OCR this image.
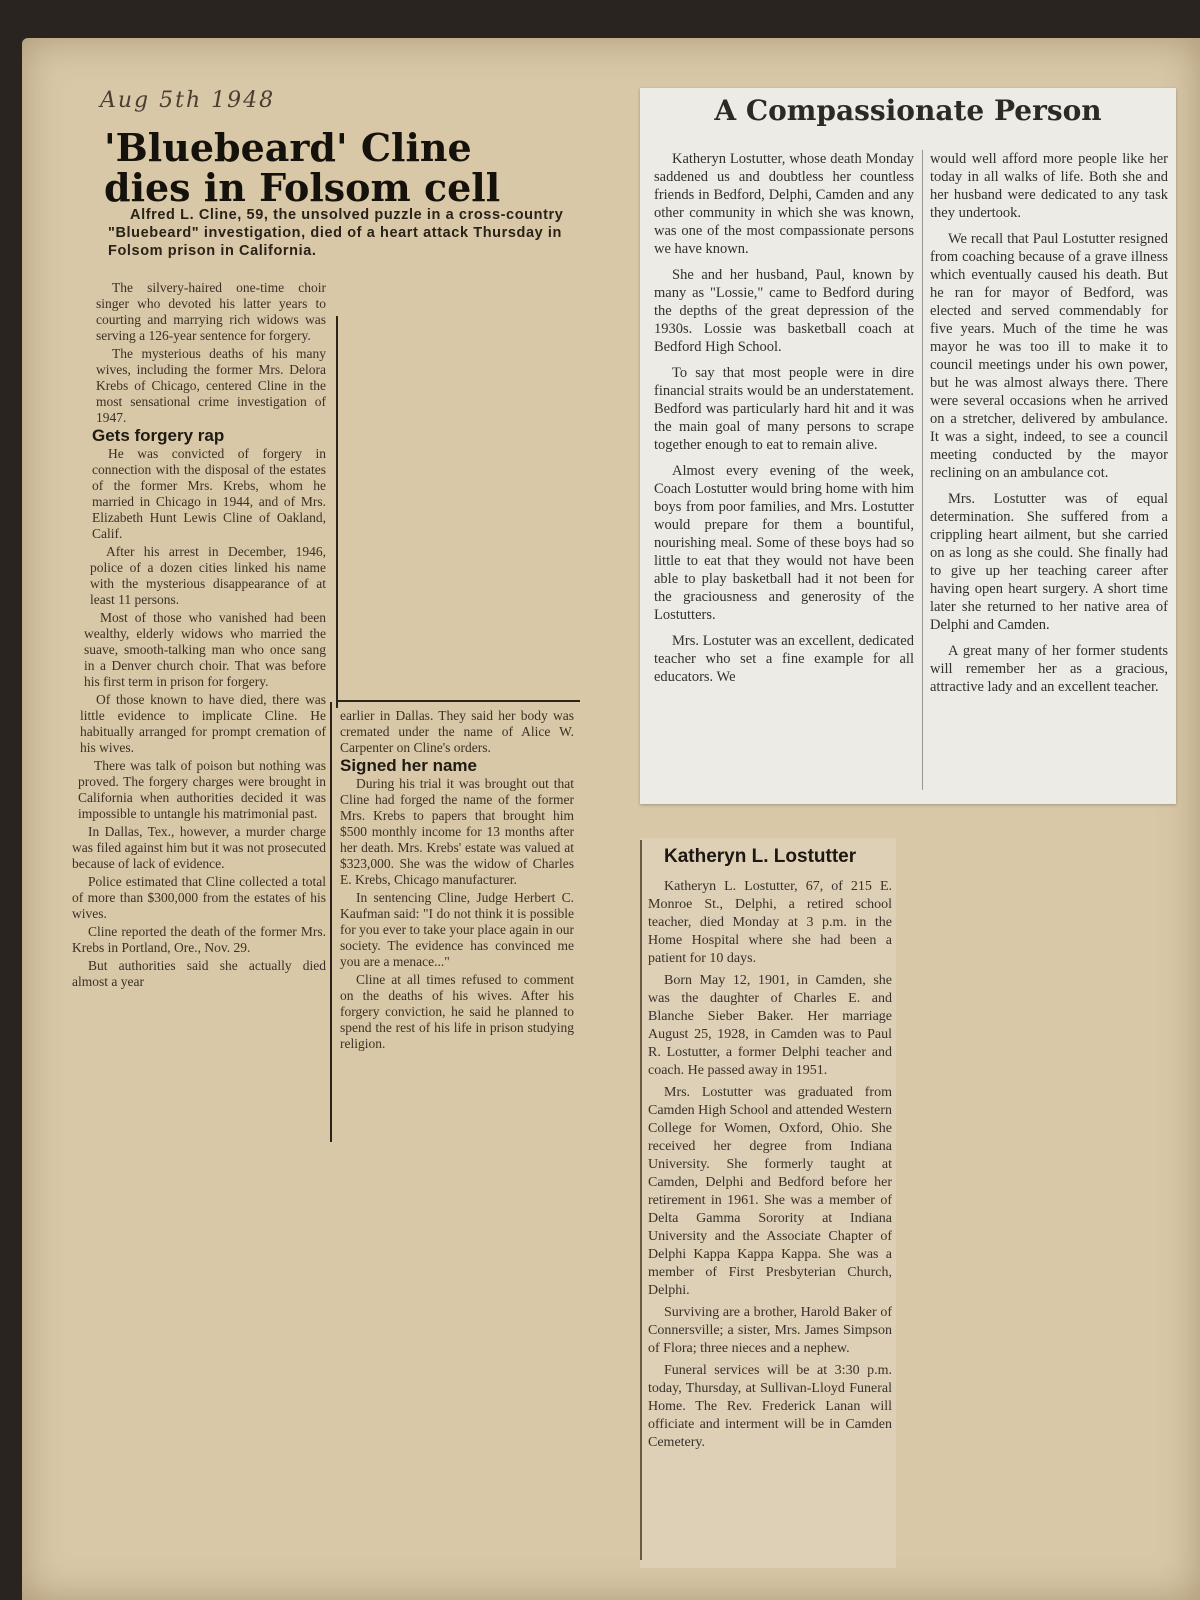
Aug 5th 1948
'Bluebeard' Cline dies in Folsom cell

Alfred L. Cline, 59, the unsolved puzzle in a cross-country "Bluebeard" investigation, died of a heart attack Thursday in Folsom prison in California.

The silvery-haired one-time choir singer who devoted his latter years to courting and marrying rich widows was serving a 126-year sentence for forgery.

The mysterious deaths of his many wives, including the former Mrs. Delora Krebs of Chicago, centered Cline in the most sensational crime investigation of 1947.

Gets forgery rap

He was convicted of forgery in connection with the disposal of the estates of the former Mrs. Krebs, whom he married in Chicago in 1944, and of Mrs. Elizabeth Hunt Lewis Cline of Oakland, Calif.

After his arrest in December, 1946, police of a dozen cities linked his name with the mysterious disappearance of at least 11 persons.

Most of those who vanished had been wealthy, elderly widows who married the suave, smooth-talking man who once sang in a Denver church choir. That was before his first term in prison for forgery.

Of those known to have died, there was little evidence to implicate Cline. He habitually arranged for prompt cremation of his wives.

There was talk of poison but nothing was proved. The forgery charges were brought in California when authorities decided it was impossible to untangle his matrimonial past.

In Dallas, Tex., however, a murder charge was filed against him but it was not prosecuted because of lack of evidence.

Police estimated that Cline collected a total of more than $300,000 from the estates of his wives.

Cline reported the death of the former Mrs. Krebs in Portland, Ore., Nov. 29.

But authorities said she actually died almost a year

earlier in Dallas. They said her body was cremated under the name of Alice W. Carpenter on Cline's orders.

Signed her name

During his trial it was brought out that Cline had forged the name of the former Mrs. Krebs to papers that brought him $500 monthly income for 13 months after her death. Mrs. Krebs' estate was valued at $323,000. She was the widow of Charles E. Krebs, Chicago manufacturer.

In sentencing Cline, Judge Herbert C. Kaufman said: "I do not think it is possible for you ever to take your place again in our society. The evidence has convinced me you are a menace..."

Cline at all times refused to comment on the deaths of his wives. After his forgery conviction, he said he planned to spend the rest of his life in prison studying religion.

A Compassionate Person

Katheryn Lostutter, whose death Monday saddened us and doubtless her countless friends in Bedford, Delphi, Camden and any other community in which she was known, was one of the most compassionate persons we have known.

She and her husband, Paul, known by many as "Lossie," came to Bedford during the depths of the great depression of the 1930s. Lossie was basketball coach at Bedford High School.

To say that most people were in dire financial straits would be an understatement. Bedford was particularly hard hit and it was the main goal of many persons to scrape together enough to eat to remain alive.

Almost every evening of the week, Coach Lostutter would bring home with him boys from poor families, and Mrs. Lostutter would prepare for them a bountiful, nourishing meal. Some of these boys had so little to eat that they would not have been able to play basketball had it not been for the graciousness and generosity of the Lostutters.

Mrs. Lostuter was an excellent, dedicated teacher who set a fine example for all educators. We

would well afford more people like her today in all walks of life. Both she and her husband were dedicated to any task they undertook.

We recall that Paul Lostutter resigned from coaching because of a grave illness which eventually caused his death. But he ran for mayor of Bedford, was elected and served commendably for five years. Much of the time he was mayor he was too ill to make it to council meetings under his own power, but he was almost always there. There were several occasions when he arrived on a stretcher, delivered by ambulance. It was a sight, indeed, to see a council meeting conducted by the mayor reclining on an ambulance cot.

Mrs. Lostutter was of equal determination. She suffered from a crippling heart ailment, but she carried on as long as she could. She finally had to give up her teaching career after having open heart surgery. A short time later she returned to her native area of Delphi and Camden.

A great many of her former students will remember her as a gracious, attractive lady and an excellent teacher.

Katheryn L. Lostutter

Katheryn L. Lostutter, 67, of 215 E. Monroe St., Delphi, a retired school teacher, died Monday at 3 p.m. in the Home Hospital where she had been a patient for 10 days.

Born May 12, 1901, in Camden, she was the daughter of Charles E. and Blanche Sieber Baker. Her marriage August 25, 1928, in Camden was to Paul R. Lostutter, a former Delphi teacher and coach. He passed away in 1951.

Mrs. Lostutter was graduated from Camden High School and attended Western College for Women, Oxford, Ohio. She received her degree from Indiana University. She formerly taught at Camden, Delphi and Bedford before her retirement in 1961. She was a member of Delta Gamma Sorority at Indiana University and the Associate Chapter of Delphi Kappa Kappa Kappa. She was a member of First Presbyterian Church, Delphi.

Surviving are a brother, Harold Baker of Connersville; a sister, Mrs. James Simpson of Flora; three nieces and a nephew.

Funeral services will be at 3:30 p.m. today, Thursday, at Sullivan-Lloyd Funeral Home. The Rev. Frederick Lanan will officiate and interment will be in Camden Cemetery.
